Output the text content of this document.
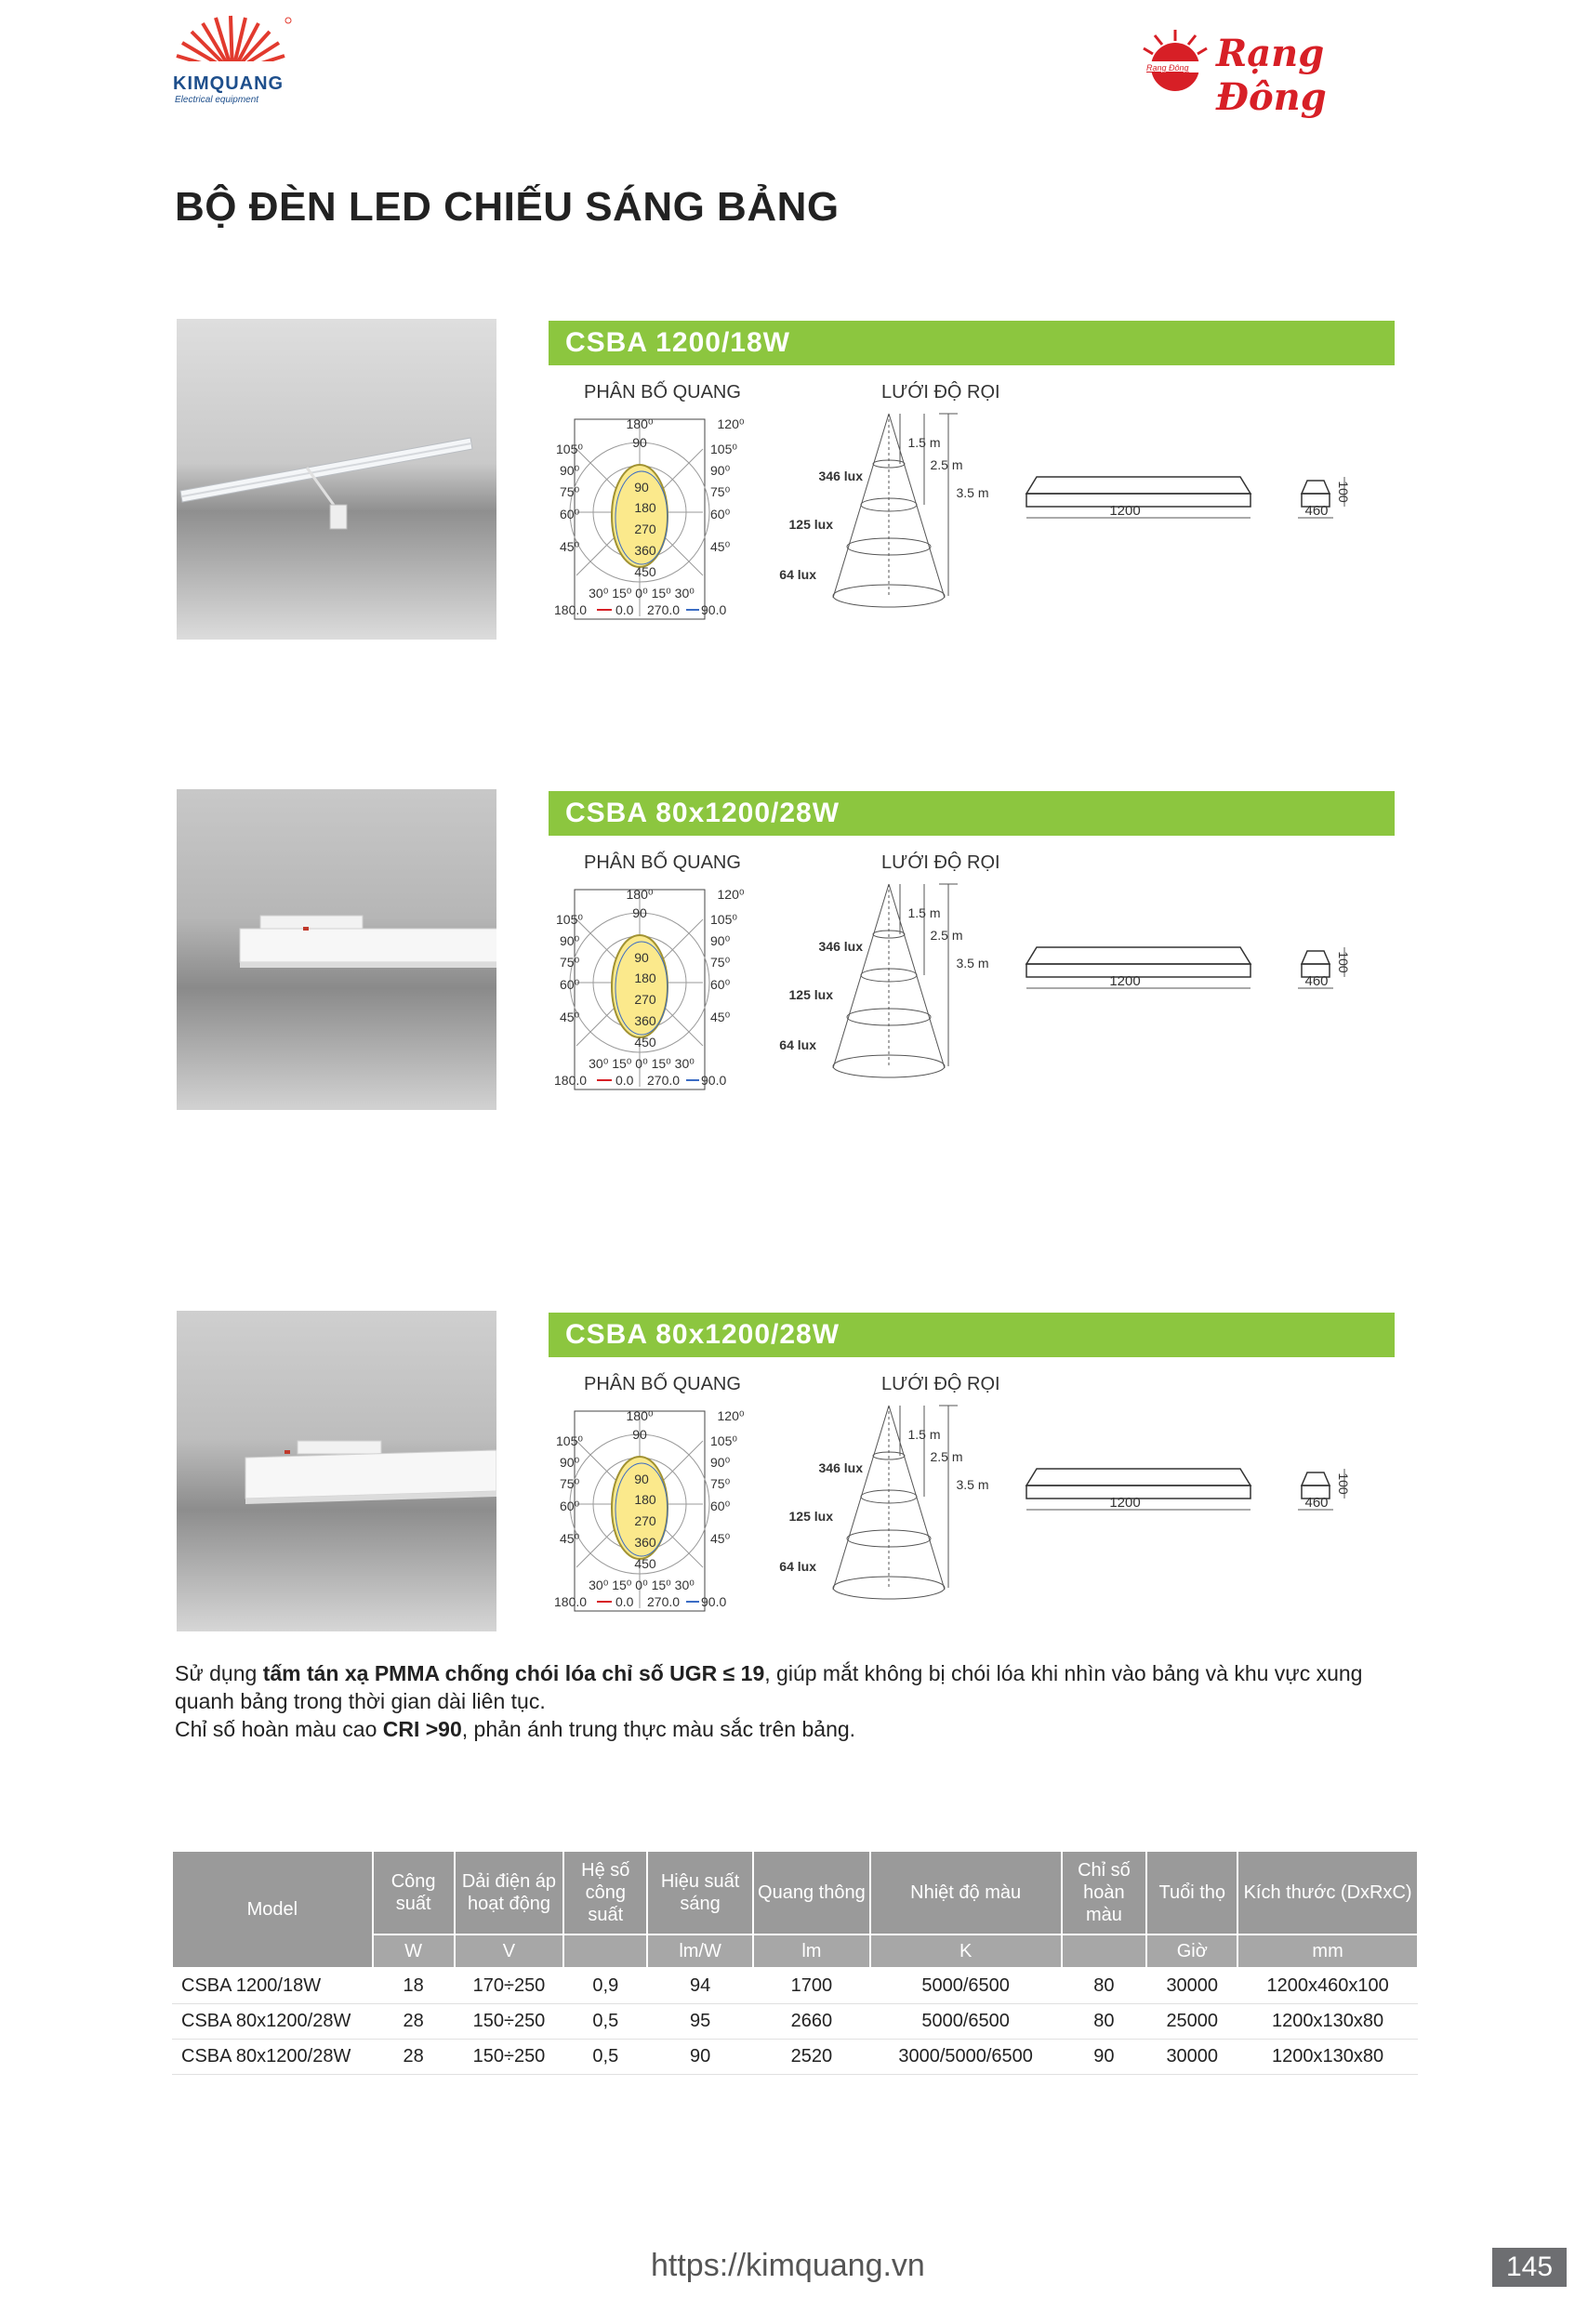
KIMQUANG
Electrical equipment
Rạng Đông Rạng Đông
BỘ ĐÈN LED CHIẾU SÁNG BẢNG
CSBA 1200/18W
PHÂN BỐ QUANG	LƯỚI ĐỘ RỌI
180⁰	120⁰
105⁰
90⁰
75⁰
60⁰
45⁰
105⁰
90⁰
75⁰
60⁰
45⁰
90
90
180
270
360
450
30⁰ 15⁰ 0⁰ 15⁰ 30⁰
180.0 0.0 270.0 90.0
1.5 m
2.5 m
3.5 m
346 lux
125 lux
64 lux
1200	460
100
CSBA 80x1200/28W
PHÂN BỐ QUANG	LƯỚI ĐỘ RỌI
180⁰	120⁰
105⁰
90⁰
75⁰
60⁰
45⁰
105⁰
90⁰
75⁰
60⁰
45⁰
90
90
180
270
360
450
30⁰ 15⁰ 0⁰ 15⁰ 30⁰
180.0 0.0 270.0 90.0
1.5 m
2.5 m
3.5 m
346 lux
125 lux
64 lux
1200	460
100
CSBA 80x1200/28W
PHÂN BỐ QUANG	LƯỚI ĐỘ RỌI
180⁰	120⁰
105⁰
90⁰
75⁰
60⁰
45⁰
105⁰
90⁰
75⁰
60⁰
45⁰
90
90
180
270
360
450
30⁰ 15⁰ 0⁰ 15⁰ 30⁰
180.0 0.0 270.0 90.0
1.5 m
2.5 m
3.5 m
346 lux
125 lux
64 lux
1200	460
100

Sử dụng tấm tán xạ PMMA chống chói lóa chỉ số UGR ≤ 19, giúp mắt không bị chói lóa khi nhìn vào bảng và khu vực xung quanh bảng trong thời gian dài liên tục.

Chỉ số hoàn màu cao CRI >90, phản ánh trung thực màu sắc trên bảng.

Model	Công suất	Dải điện áp hoạt động	Hệ số công suất	Hiệu suất sáng	Quang thông	Nhiệt độ màu	Chỉ số hoàn màu	Tuổi thọ	Kích thước (DxRxC)
	W	V		lm/W	lm	K		Giờ	mm
CSBA 1200/18W	18	170÷250	0,9	94	1700	5000/6500	80	30000	1200x460x100
CSBA 80x1200/28W	28	150÷250	0,5	95	2660	5000/6500	80	25000	1200x130x80
CSBA 80x1200/28W	28	150÷250	0,5	90	2520	3000/5000/6500	90	30000	1200x130x80
https://kimquang.vn	145
